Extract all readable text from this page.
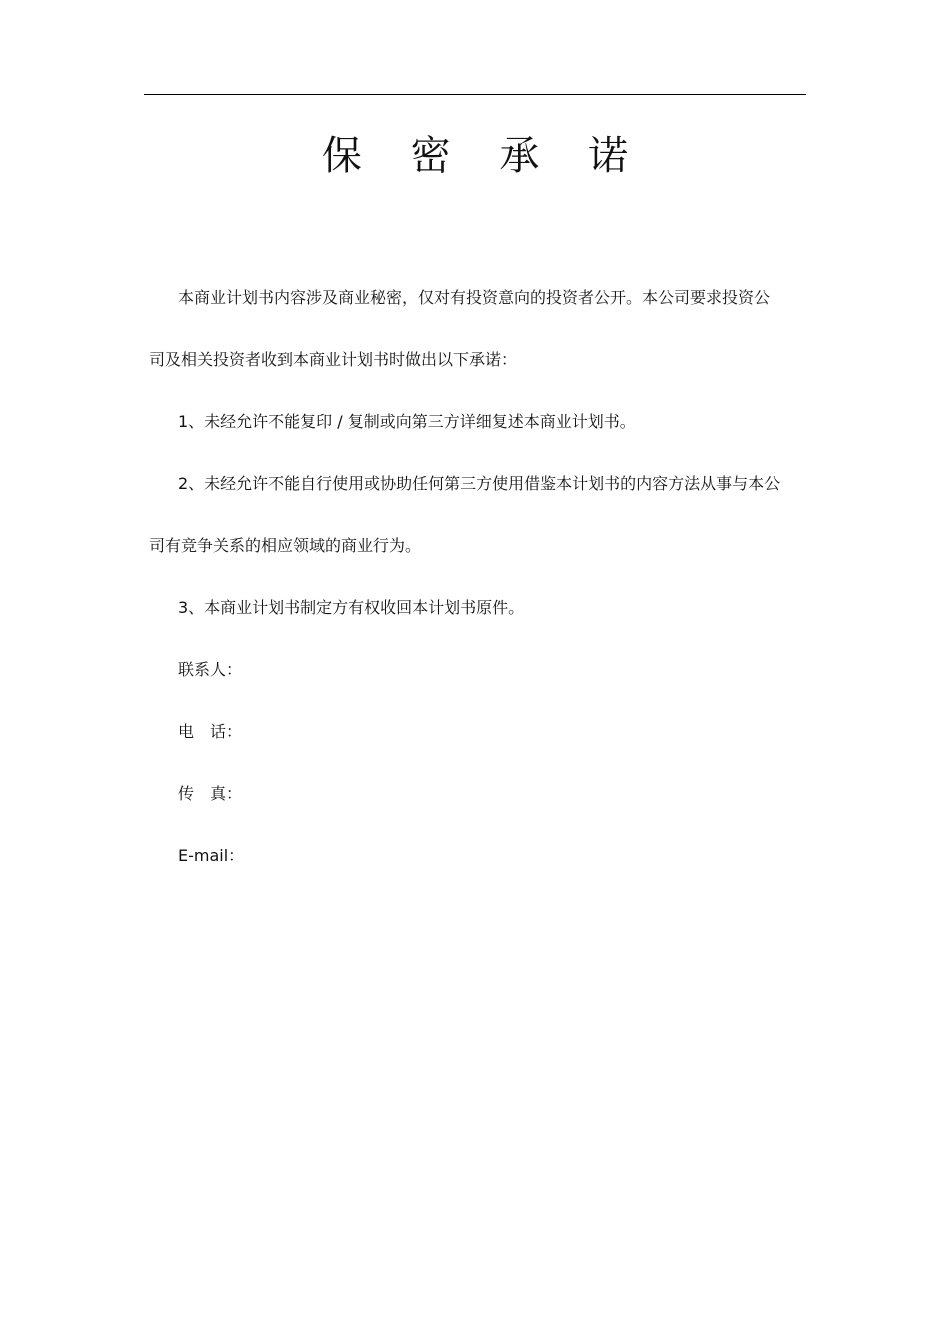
保 密 承 诺
本商业计划书内容涉及商业秘密，仅对有投资意向的投资者公开。本公司要求投资公
司及相关投资者收到本商业计划书时做出以下承诺：
1、未经允许不能复印 / 复制或向第三方详细复述本商业计划书。
2、未经允许不能自行使用或协助任何第三方使用借鉴本计划书的内容方法从事与本公
司有竞争关系的相应领域的商业行为。
3、本商业计划书制定方有权收回本计划书原件。
联系人：
电　话：
传　真：
E-mail：
